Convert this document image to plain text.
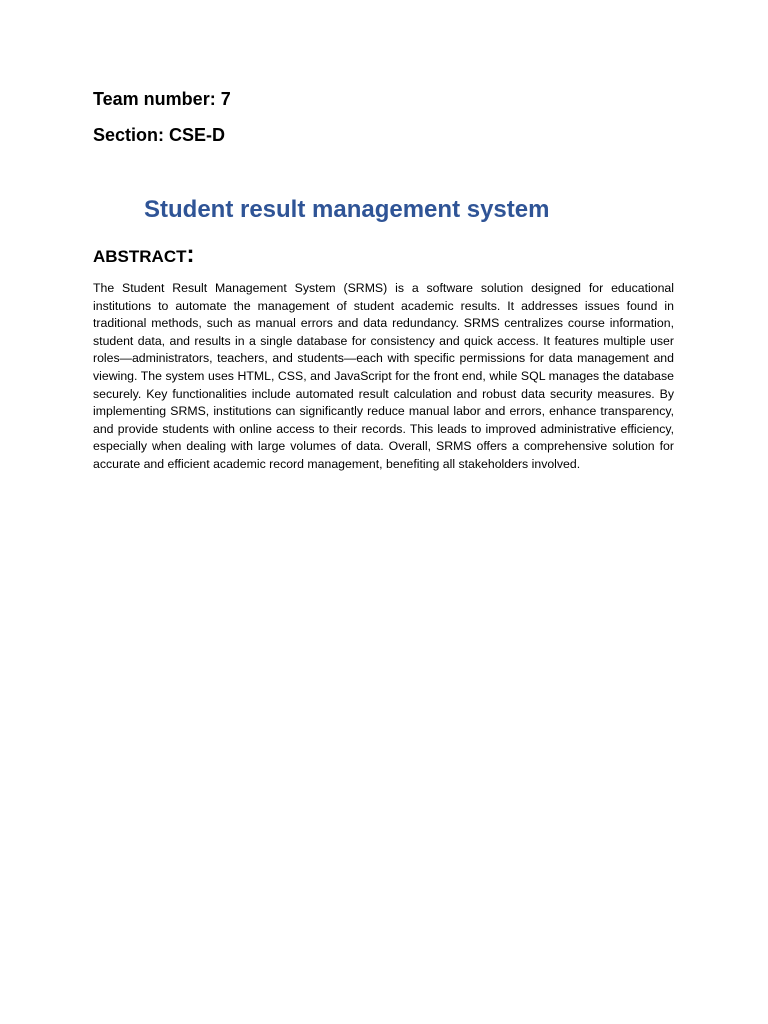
Team number: 7

Section: CSE-D

Student result management system
ABSTRACT:

The Student Result Management System (SRMS) is a software solution designed for educational institutions to automate the management of student academic results. It addresses issues found in traditional methods, such as manual errors and data redundancy. SRMS centralizes course information, student data, and results in a single database for consistency and quick access. It features multiple user roles—administrators, teachers, and students—each with specific permissions for data management and viewing. The system uses HTML, CSS, and JavaScript for the front end, while SQL manages the database securely. Key functionalities include automated result calculation and robust data security measures. By implementing SRMS, institutions can significantly reduce manual labor and errors, enhance transparency, and provide students with online access to their records. This leads to improved administrative efficiency, especially when dealing with large volumes of data. Overall, SRMS offers a comprehensive solution for accurate and efficient academic record management, benefiting all stakeholders involved.
